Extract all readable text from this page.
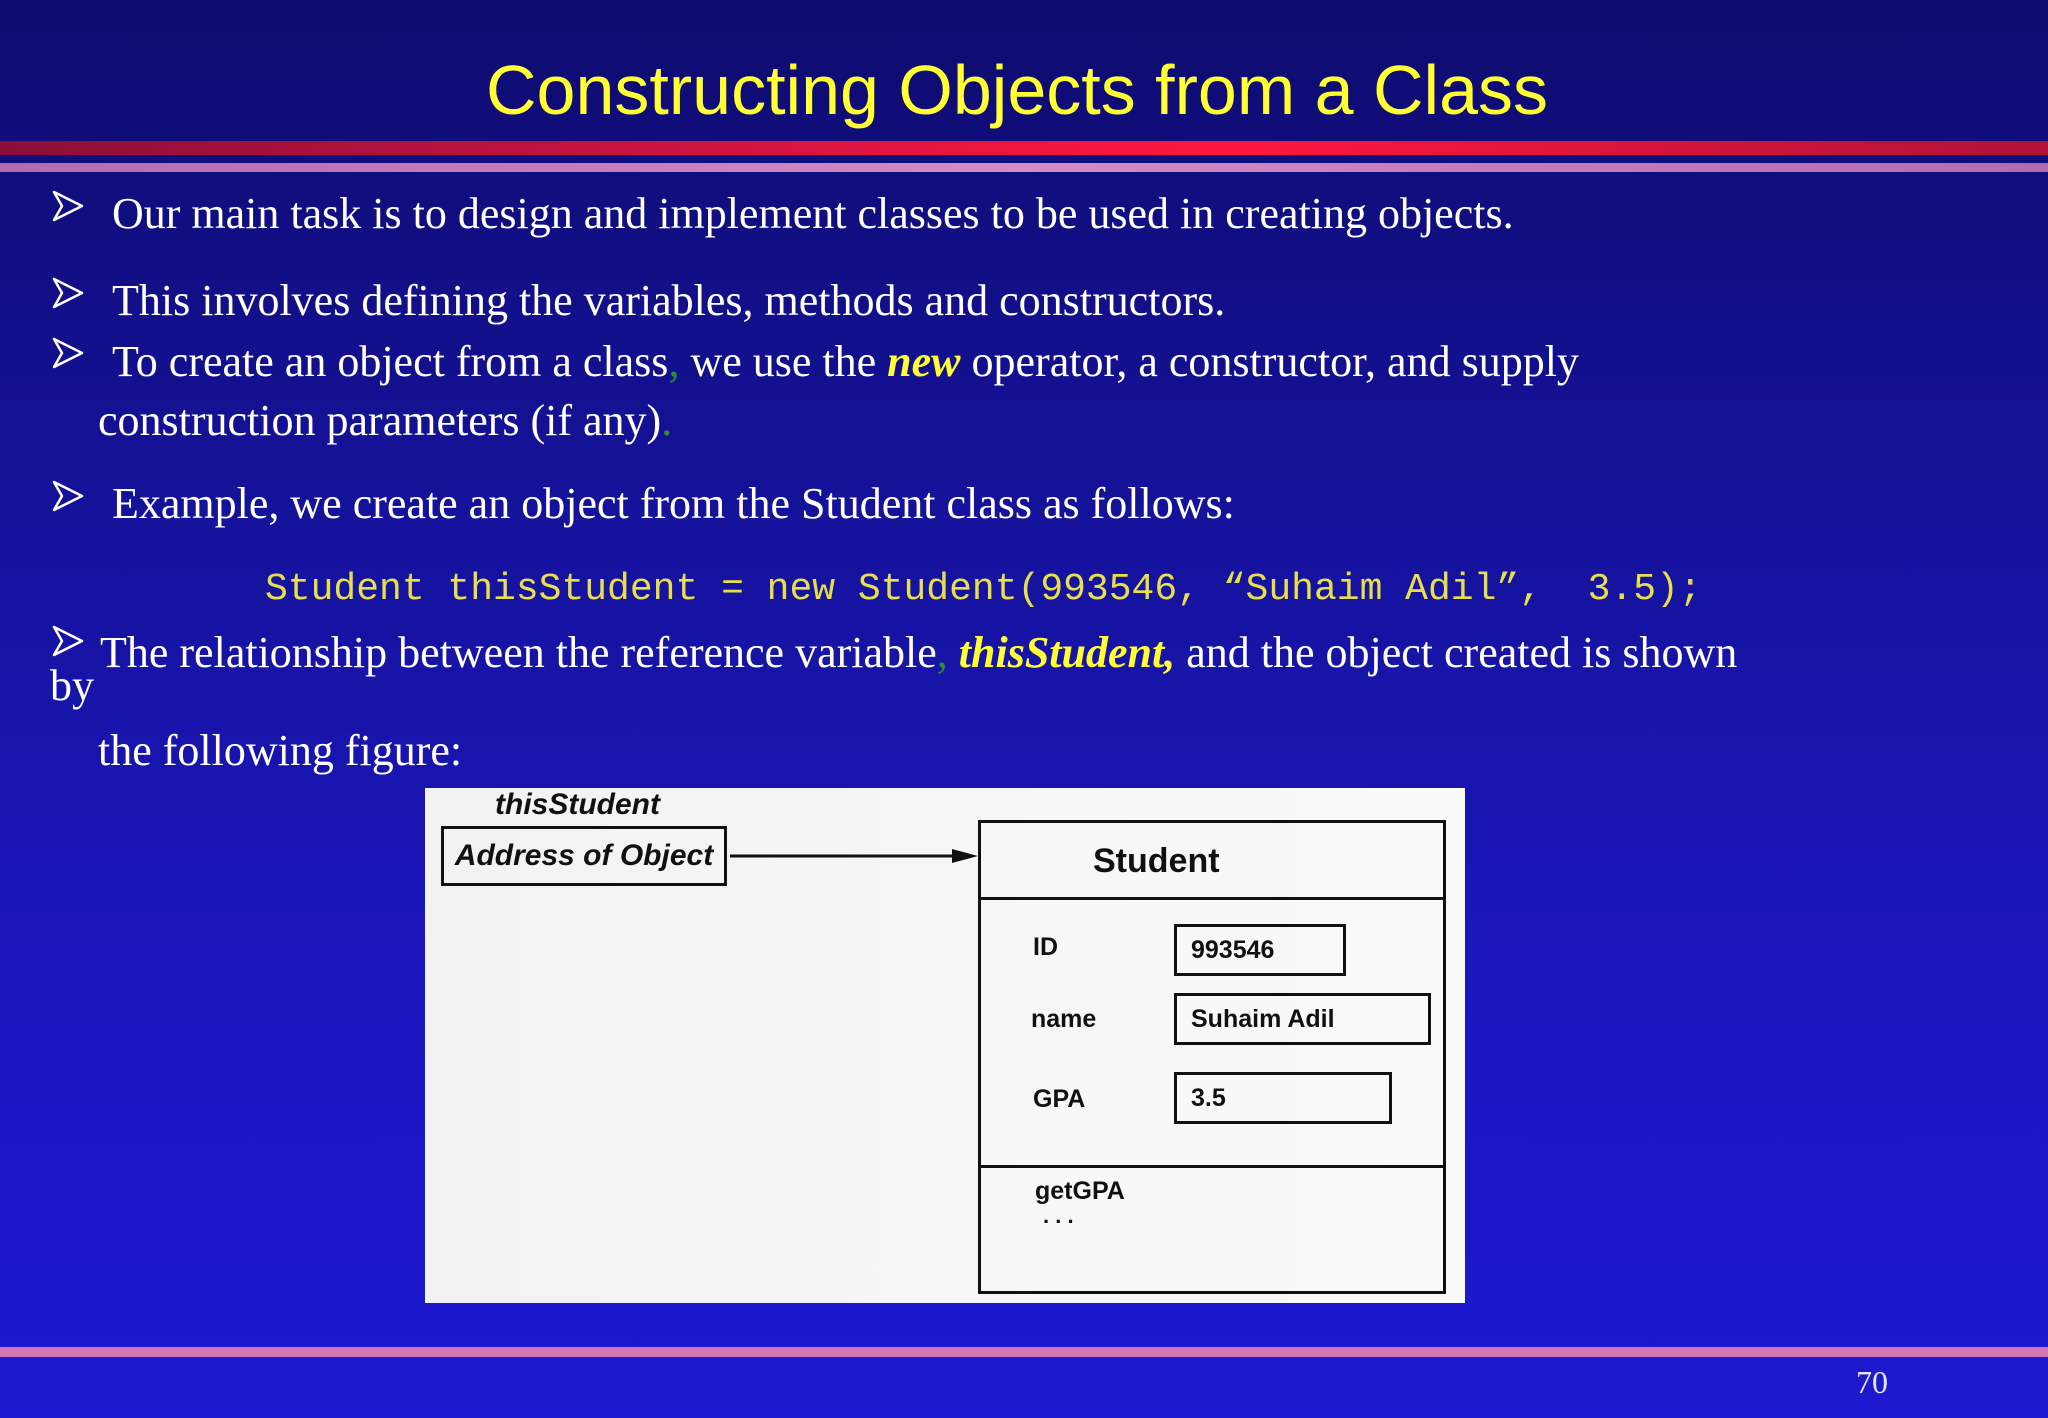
Constructing Objects from a Class
Our main task is to design and implement classes to be used in creating objects.
This involves defining the variables, methods and constructors.
To create an object from a class, we use the new operator, a constructor, and supply
construction parameters (if any).
Example, we create an object from the Student class as follows:
Student thisStudent = new Student(993546, “Suhaim Adil”,  3.5);
The relationship between the reference variable, thisStudent, and the object created is shown
by
the following figure:
thisStudent
Address of Object	Student
ID	993546
name	Suhaim Adil
GPA	3.5
getGPA
. . .
70
